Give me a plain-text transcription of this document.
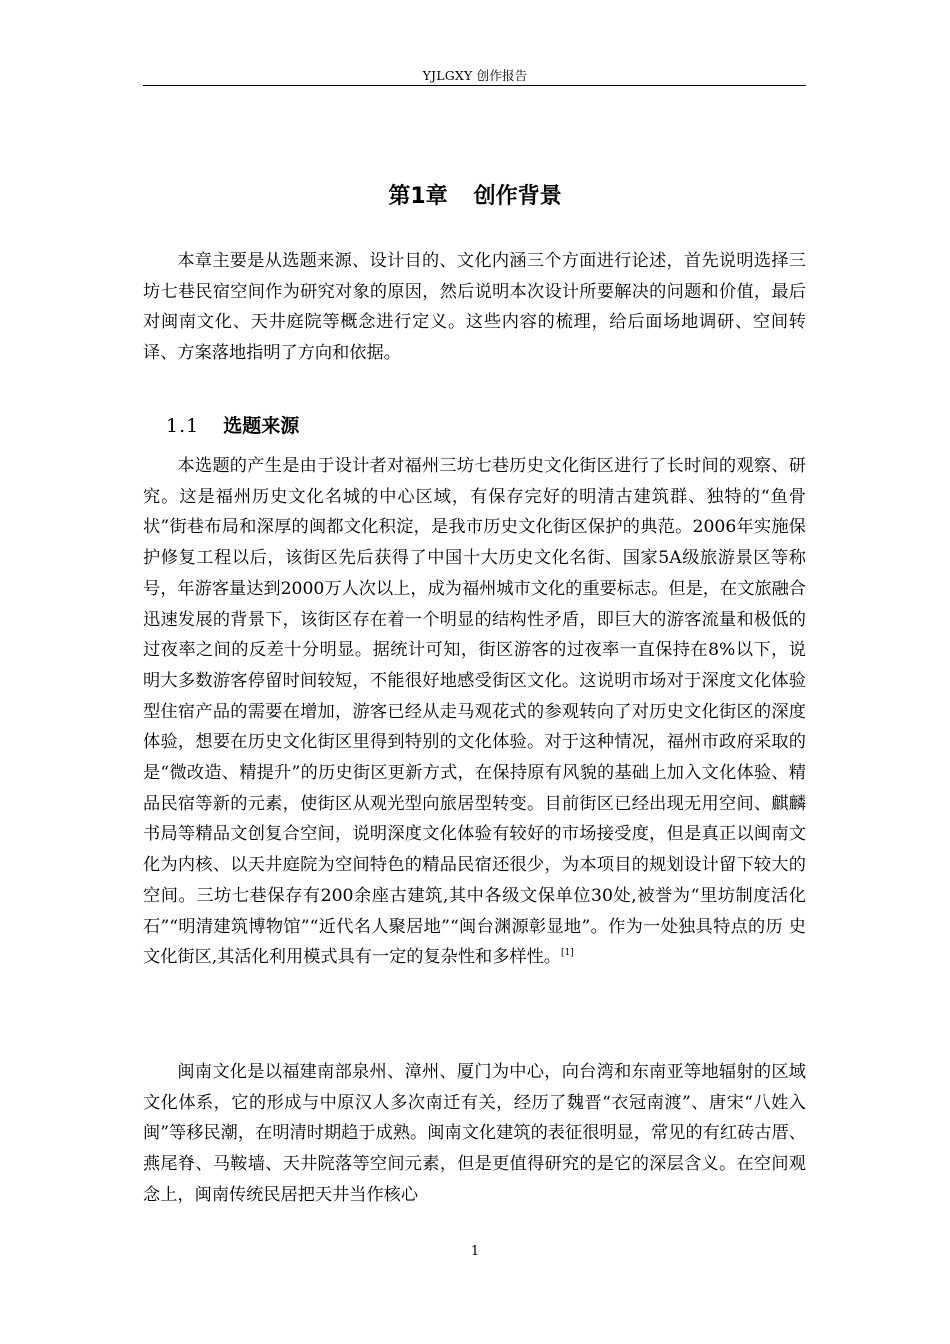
YJLGXY 创作报告
第1章 创作背景

本章主要是从选题来源、设计目的、文化内涵三个方面进行论述，首先说明选择三坊七巷民宿空间作为研究对象的原因，然后说明本次设计所要解决的问题和价值，最后对闽南文化、天井庭院等概念进行定义。这些内容的梳理，给后面场地调研、空间转译、方案落地指明了方向和依据。

1.1 选题来源

本选题的产生是由于设计者对福州三坊七巷历史文化街区进行了长时间的观察、研究。这是福州历史文化名城的中心区域，有保存完好的明清古建筑群、独特的“鱼骨状”街巷布局和深厚的闽都文化积淀，是我市历史文化街区保护的典范。2006年实施保护修复工程以后，该街区先后获得了中国十大历史文化名街、国家5A级旅游景区等称号，年游客量达到2000万人次以上，成为福州城市文化的重要标志。但是，在文旅融合迅速发展的背景下，该街区存在着一个明显的结构性矛盾，即巨大的游客流量和极低的过夜率之间的反差十分明显。据统计可知，街区游客的过夜率一直保持在8%以下，说明大多数游客停留时间较短，不能很好地感受街区文化。这说明市场对于深度文化体验型住宿产品的需要在增加，游客已经从走马观花式的参观转向了对历史文化街区的深度体验，想要在历史文化街区里得到特别的文化体验。对于这种情况，福州市政府采取的是“微改造、精提升”的历史街区更新方式，在保持原有风貌的基础上加入文化体验、精品民宿等新的元素，使街区从观光型向旅居型转变。目前街区已经出现无用空间、麒麟书局等精品文创复合空间，说明深度文化体验有较好的市场接受度，但是真正以闽南文化为内核、以天井庭院为空间特色的精品民宿还很少，为本项目的规划设计留下较大的空间。三坊七巷保存有200余座古建筑,其中各级文保单位30处,被誉为“里坊制度活化石”“明清建筑博物馆”“近代名人聚居地”“闽台渊源彰显地”。作为一处独具特点的历 史文化街区,其活化利用模式具有一定的复杂性和多样性。[1]

闽南文化是以福建南部泉州、漳州、厦门为中心，向台湾和东南亚等地辐射的区域文化体系，它的形成与中原汉人多次南迁有关，经历了魏晋“衣冠南渡”、唐宋“八姓入闽”等移民潮，在明清时期趋于成熟。闽南文化建筑的表征很明显，常见的有红砖古厝、燕尾脊、马鞍墙、天井院落等空间元素，但是更值得研究的是它的深层含义。在空间观念上，闽南传统民居把天井当作核心

1
